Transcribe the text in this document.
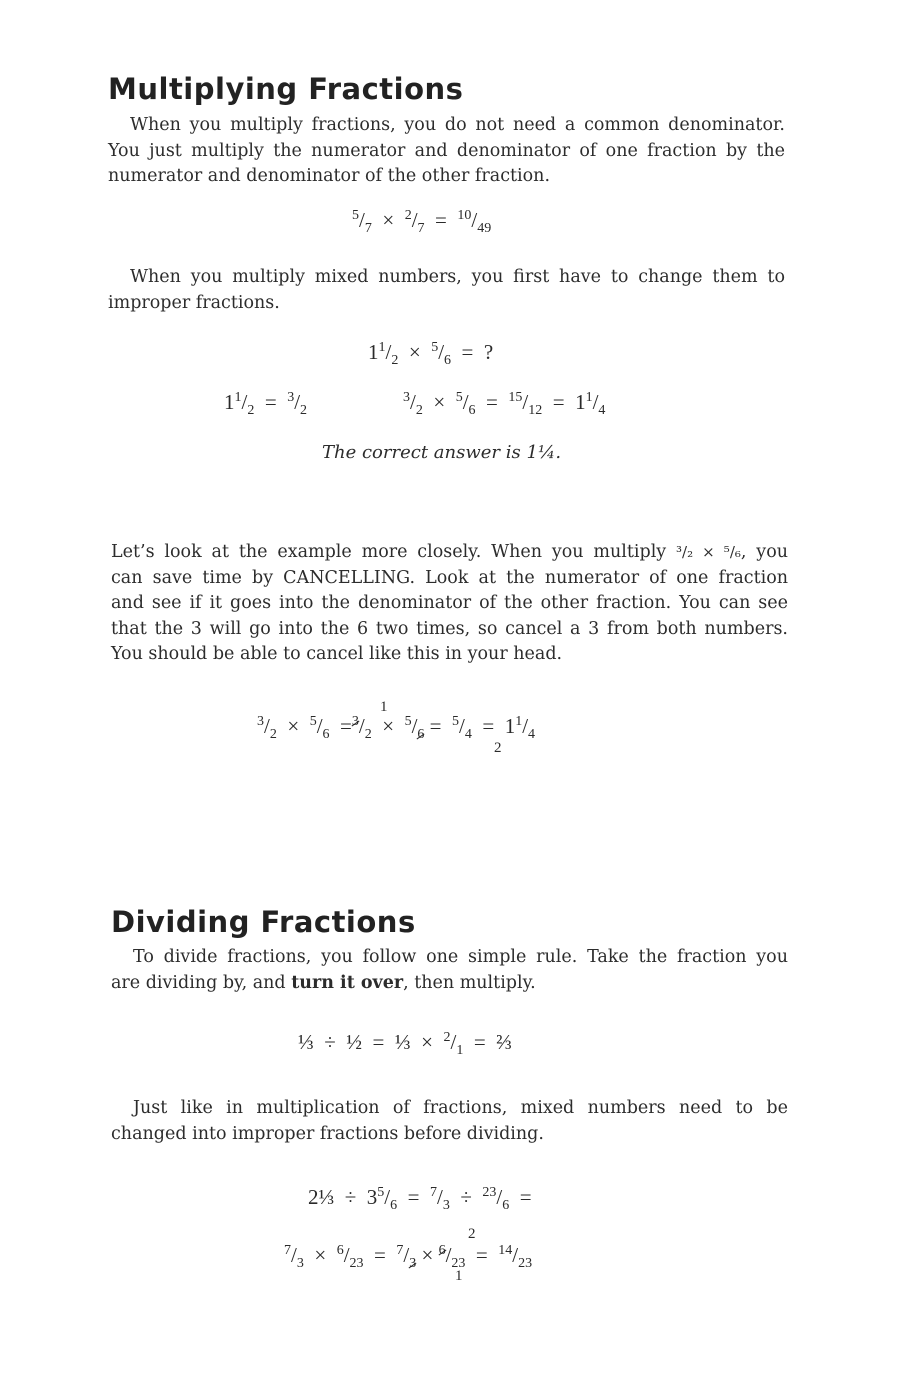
Multiplying Fractions
When you multiply fractions, you do not need a common denominator.
You just multiply the numerator and denominator of one fraction by the
numerator and denominator of the other fraction.
$^5/_7 \times ^2/_7 = ^{10}/_{49}$
When you multiply mixed numbers, you first have to change them to
improper fractions.
$1^1/_2 \times ^5/_6$ = ?
$1^1/_2 = ^3/_2$
$^3/_2 \times ^5/_6 = ^{15}/_{12} = 1^1/_4$
The correct answer is 1¼.
Let’s look at the example more closely. When you multiply ³/₂ × ⁵/₆, you
can save time by CANCELLING. Look at the numerator of one fraction
and see if it goes into the denominator of the other fraction. You can see
that the 3 will go into the 6 two times, so cancel a 3 from both numbers.
You should be able to cancel like this in your head.
$^3/_2 \times ^5/_6 =^3/_2 \times ^5/_6 = ^5/_4 = 1^1/_4$
1
2
Dividing Fractions
To divide fractions, you follow one simple rule. Take the fraction you
are dividing by, and turn it over, then multiply.
⅓ ÷ ½ = ⅓ × $^2/_1$ = ⅔
Just like in multiplication of fractions, mixed numbers need to be
changed into improper fractions before dividing.
2⅓ ÷ $3^5/_6 = ^7/_3 \div ^{23}/_6$ =
$^7/_3 \times ^6/_{23} = ^7/_3 \times ^6/_{23} = ^{14}/_{23}$
2
1
